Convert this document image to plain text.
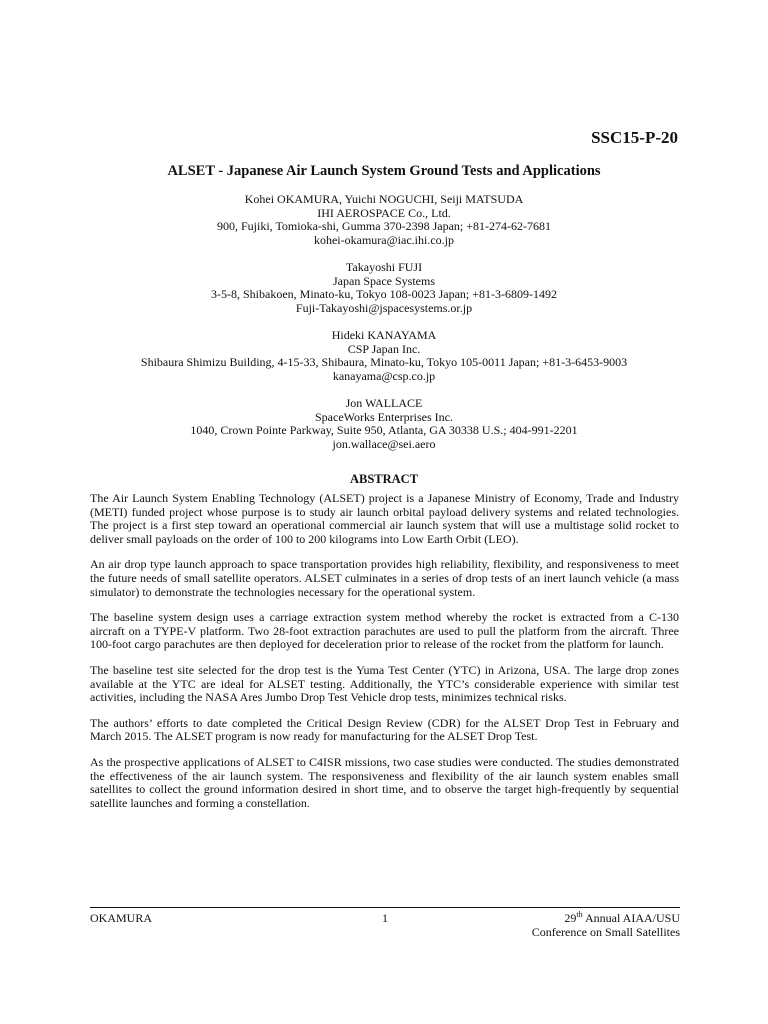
SSC15-P-20

ALSET - Japanese Air Launch System Ground Tests and Applications
Kohei OKAMURA, Yuichi NOGUCHI, Seiji MATSUDA
IHI AEROSPACE Co., Ltd.
900, Fujiki, Tomioka-shi, Gumma 370-2398 Japan; +81-274-62-7681
kohei-okamura@iac.ihi.co.jp
Takayoshi FUJI
Japan Space Systems
3-5-8, Shibakoen, Minato-ku, Tokyo 108-0023 Japan; +81-3-6809-1492
Fuji-Takayoshi@jspacesystems.or.jp
Hideki KANAYAMA
CSP Japan Inc.
Shibaura Shimizu Building, 4-15-33, Shibaura, Minato-ku, Tokyo 105-0011 Japan; +81-3-6453-9003
kanayama@csp.co.jp
Jon WALLACE
SpaceWorks Enterprises Inc.
1040, Crown Pointe Parkway, Suite 950, Atlanta, GA 30338 U.S.; 404-991-2201
jon.wallace@sei.aero
ABSTRACT

The Air Launch System Enabling Technology (ALSET) project is a Japanese Ministry of Economy, Trade and Industry (METI) funded project whose purpose is to study air launch orbital payload delivery systems and related technologies. The project is a first step toward an operational commercial air launch system that will use a multistage solid rocket to deliver small payloads on the order of 100 to 200 kilograms into Low Earth Orbit (LEO).

An air drop type launch approach to space transportation provides high reliability, flexibility, and responsiveness to meet the future needs of small satellite operators. ALSET culminates in a series of drop tests of an inert launch vehicle (a mass simulator) to demonstrate the technologies necessary for the operational system.

The baseline system design uses a carriage extraction system method whereby the rocket is extracted from a C-130 aircraft on a TYPE-V platform. Two 28-foot extraction parachutes are used to pull the platform from the aircraft. Three 100-foot cargo parachutes are then deployed for deceleration prior to release of the rocket from the platform for launch.

The baseline test site selected for the drop test is the Yuma Test Center (YTC) in Arizona, USA. The large drop zones available at the YTC are ideal for ALSET testing. Additionally, the YTC’s considerable experience with similar test activities, including the NASA Ares Jumbo Drop Test Vehicle drop tests, minimizes technical risks.

The authors’ efforts to date completed the Critical Design Review (CDR) for the ALSET Drop Test in February and March 2015. The ALSET program is now ready for manufacturing for the ALSET Drop Test.

As the prospective applications of ALSET to C4ISR missions, two case studies were conducted. The studies demonstrated the effectiveness of the air launch system. The responsiveness and flexibility of the air launch system enables small satellites to collect the ground information desired in short time, and to observe the target high-frequently by sequential satellite launches and forming a constellation.

OKAMURA	1	29th Annual AIAA/USU
Conference on Small Satellites
